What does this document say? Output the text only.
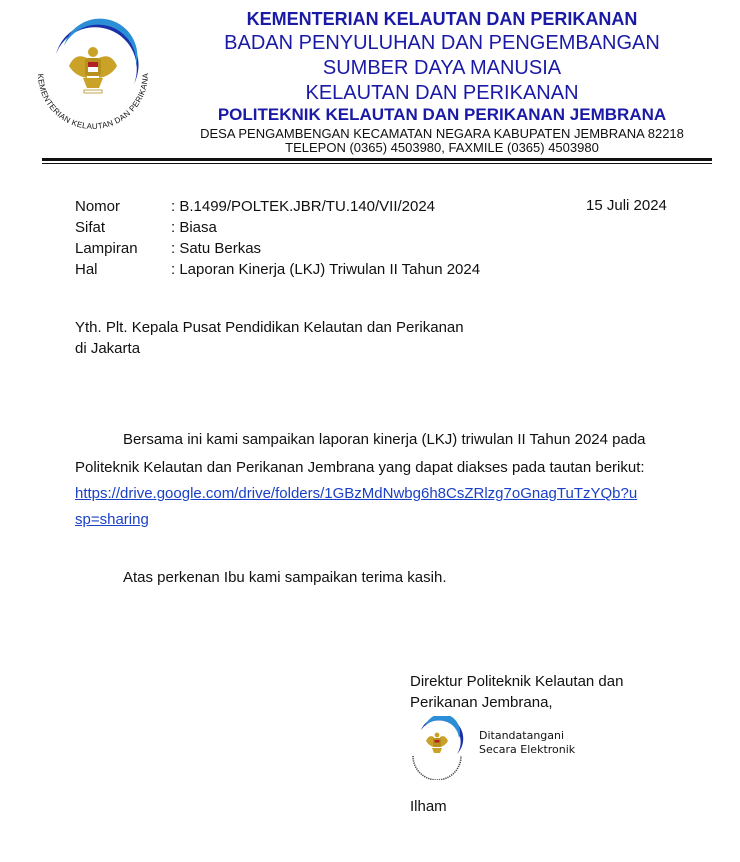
KEMENTERIAN KELAUTAN DAN PERIKANA
KEMENTERIAN KELAUTAN DAN PERIKANAN
BADAN PENYULUHAN DAN PENGEMBANGAN
SUMBER DAYA MANUSIA
KELAUTAN DAN PERIKANAN
POLITEKNIK KELAUTAN DAN PERIKANAN JEMBRANA
DESA PENGAMBENGAN KECAMATAN NEGARA KABUPATEN JEMBRANA 82218
TELEPON (0365) 4503980, FAXMILE (0365) 4503980
Nomor	: B.1499/POLTEK.JBR/TU.140/VII/2024	15 Juli 2024
Sifat	: Biasa
Lampiran : Satu Berkas
Hal	: Laporan Kinerja (LKJ) Triwulan II Tahun 2024
Yth. Plt. Kepala Pusat Pendidikan Kelautan dan Perikanan
di Jakarta
Bersama ini kami sampaikan laporan kinerja (LKJ) triwulan II Tahun 2024 pada
Politeknik Kelautan dan Perikanan Jembrana yang dapat diakses pada tautan berikut:
https://drive.google.com/drive/folders/1GBzMdNwbg6h8CsZRlzg7oGnagTuTzYQb?u
sp=sharing
Atas perkenan Ibu kami sampaikan terima kasih.
Direktur Politeknik Kelautan dan
Perikanan Jembrana,
Ditandatangani
Secara Elektronik
Ilham
